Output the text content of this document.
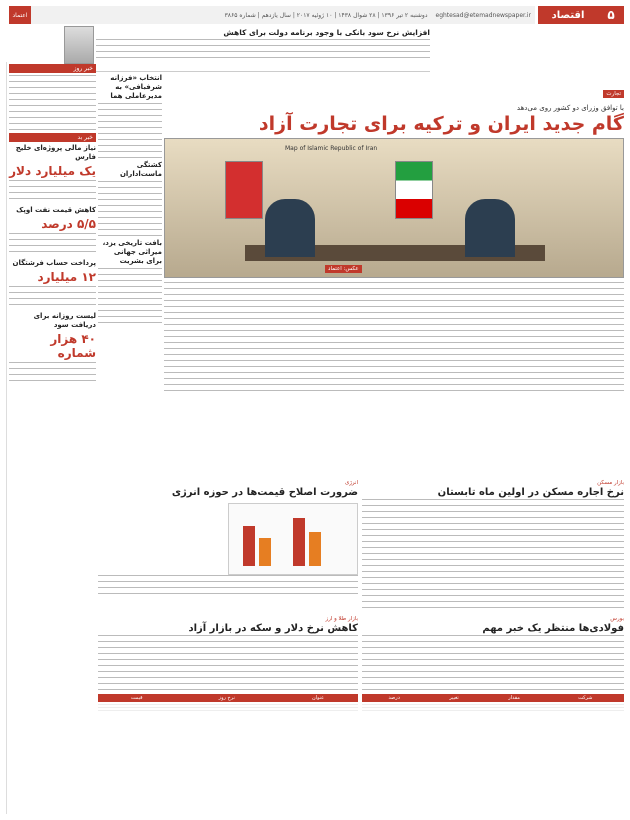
۵
اقتصاد
eghtesad@etemadnewspaper.ir
دوشنبه ۲ تیر ۱۳۹۶ | ۲۸ شوال ۱۴۳۸ | ۱۰ ژوئیه ۲۰۱۷ | سال یازدهم | شماره ۳۸۶۵
اعتماد
افزایش نرخ سود بانکی با وجود برنامه دولت برای کاهش
خبر روز
خبر بد
نیاز مالی پروژه‌ای خلیج فارس
یک میلیارد دلار
کاهش قیمت نفت اوپک
۵/۵ درصد
پرداخت حساب فرشتگان
۱۲ میلیارد
لیست روزانه برای دریافت سود
۴۰ هزار شماره
انتخاب «فرزانه شرفبافی» به مدیرعاملی هما
کشتگی ماست‌اداران
بافت تاریخی یزد، میراثی جهانی برای بشریت
تجارت
با توافق وزرای دو کشور روی می‌دهد
گام جدید ایران و ترکیه برای تجارت آزاد
Map of Islamic Republic of Iran
عکس: اعتماد
انرژی
ضرورت اصلاح قیمت‌ها در حوزه انرژی
بازار مسکن
نرخ اجاره مسکن در اولین ماه تابستان
بازار طلا و ارز
کاهش نرخ دلار و سکه در بازار آزاد
عنوان	نرخ روز	قیمت

بورس
فولادی‌ها منتظر یک خبر مهم
شرکت	مقدار	تغییر	درصد
